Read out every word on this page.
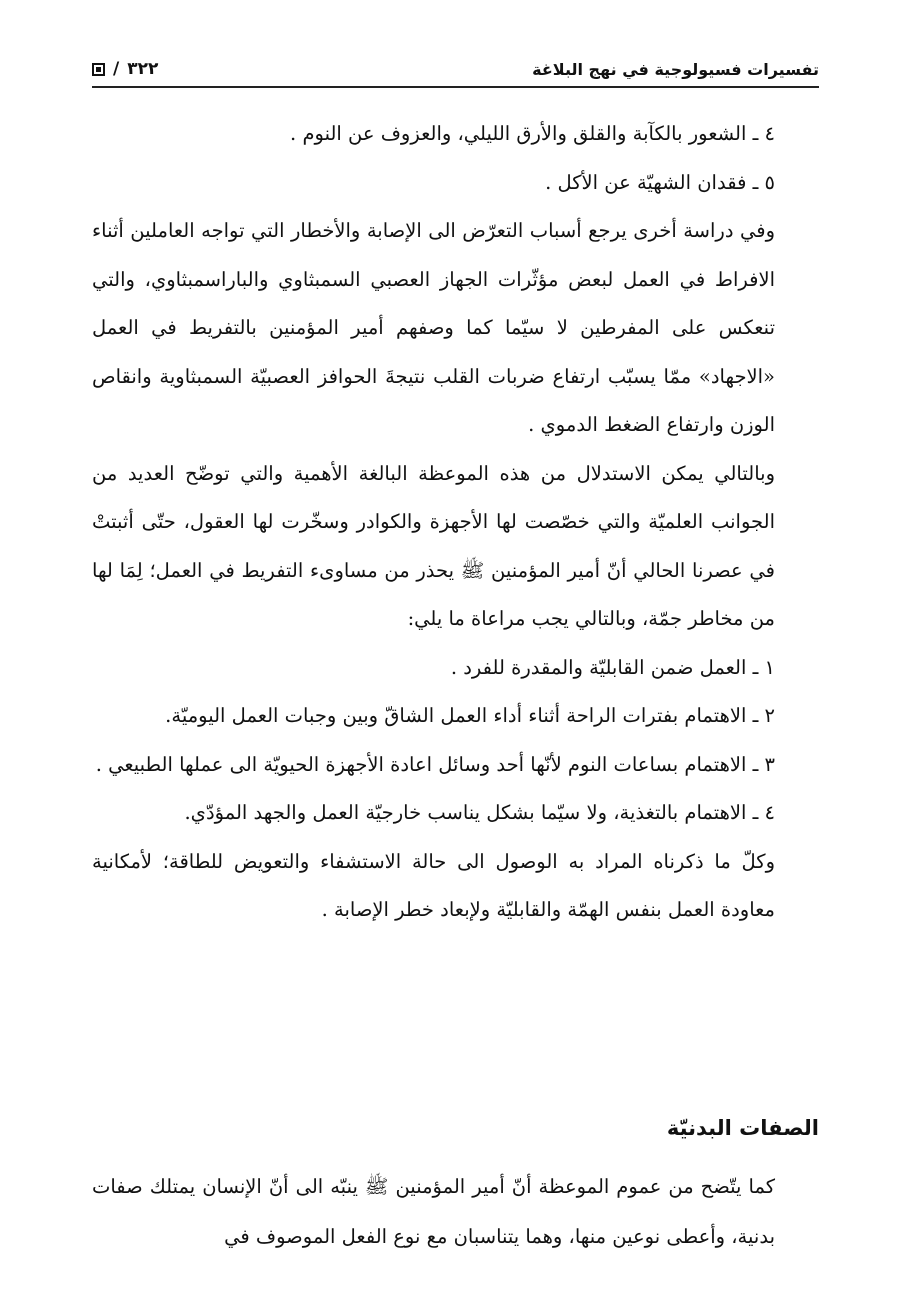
تفسيرات فسيولوجية في نهج البلاغة
٣٢٢
/

٤ ـ الشعور بالكآبة والقلق والأرق الليلي، والعزوف عن النوم .

٥ ـ فقدان الشهيّة عن الأكل .

وفي دراسة أخرى يرجع أسباب التعرّض الى الإصابة والأخطار التي تواجه العاملين أثناء الافراط في العمل لبعض مؤثّرات الجهاز العصبي السمبثاوي والباراسمبثاوي، والتي تنعكس على المفرطين لا سيّما كما وصفهم أمير المؤمنين بالتفريط في العمل «الاجهاد» ممّا يسبّب ارتفاع ضربات القلب نتيجةَ الحوافز العصبيّة السمبثاوية وانقاص الوزن وارتفاع الضغط الدموي .

وبالتالي يمكن الاستدلال من هذه الموعظة البالغة الأهمية والتي توضّح العديد من الجوانب العلميّة والتي خصّصت لها الأجهزة والكوادر وسخّرت لها العقول، حتّى أثبتتْ في عصرنا الحالي أنّ أمير المؤمنين ﷺ يحذر من مساوىء التفريط في العمل؛ لِمَا لها من مخاطر جمّة، وبالتالي يجب مراعاة ما يلي:

١ ـ العمل ضمن القابليّة والمقدرة للفرد .

٢ ـ الاهتمام بفترات الراحة أثناء أداء العمل الشاقّ وبين وجبات العمل اليوميّة.

٣ ـ الاهتمام بساعات النوم لأنّها أحد وسائل اعادة الأجهزة الحيويّة الى عملها الطبيعي .

٤ ـ الاهتمام بالتغذية، ولا سيّما بشكل يناسب خارجيّة العمل والجهد المؤدّي.

وكلّ ما ذكرناه المراد به الوصول الى حالة الاستشفاء والتعويض للطاقة؛ لأمكانية معاودة العمل بنفس الهمّة والقابليّة ولإبعاد خطر الإصابة .

الصفات البدنيّة

كما يتّضح من عموم الموعظة أنّ أمير المؤمنين ﷺ ينبّه الى أنّ الإنسان يمتلك صفات بدنية، وأعطى نوعين منها، وهما يتناسبان مع نوع الفعل الموصوف في
